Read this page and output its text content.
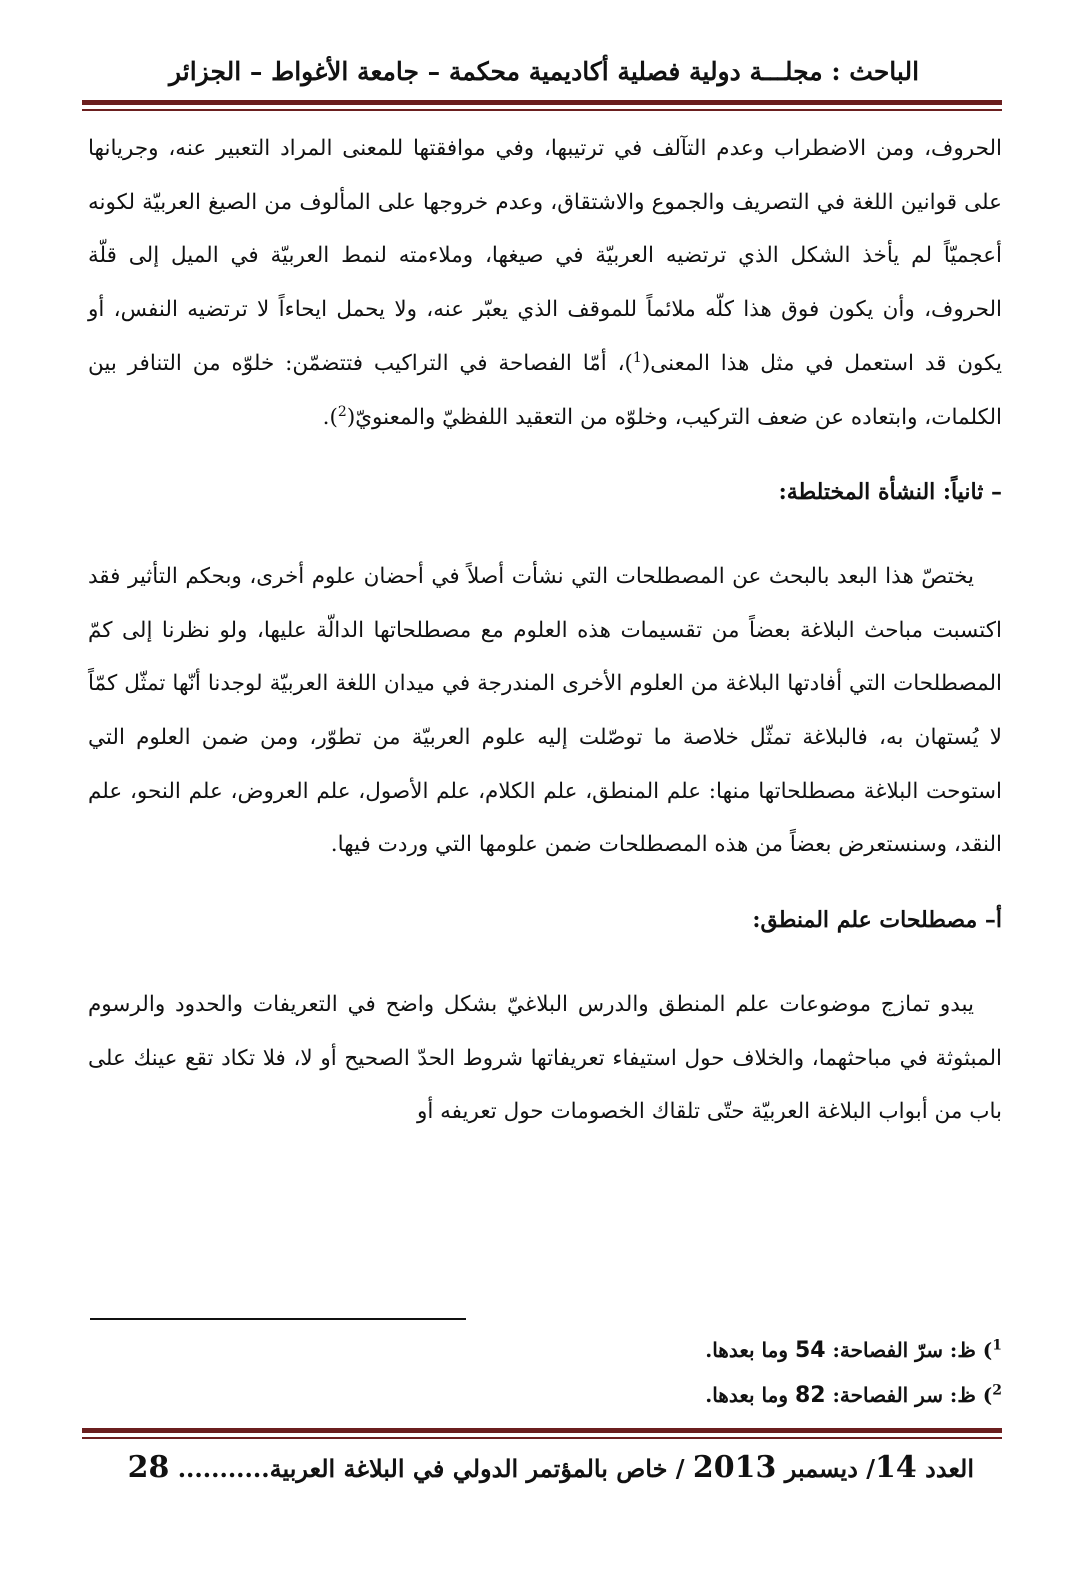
الباحث : مجلـــة دولية فصلية أكاديمية محكمة – جامعة الأغواط – الجزائر

الحروف، ومن الاضطراب وعدم التآلف في ترتيبها، وفي موافقتها للمعنى المراد التعبير عنه، وجريانها على قوانين اللغة في التصريف والجموع والاشتقاق، وعدم خروجها على المألوف من الصيغ العربيّة لكونه أعجميّاً لم يأخذ الشكل الذي ترتضيه العربيّة في صيغها، وملاءمته لنمط العربيّة في الميل إلى قلّة الحروف، وأن يكون فوق هذا كلّه ملائماً للموقف الذي يعبّر عنه، ولا يحمل ايحاءاً لا ترتضيه النفس، أو يكون قد استعمل في مثل هذا المعنى($^1$)، أمّا الفصاحة في التراكيب فتتضمّن: خلوّه من التنافر بين الكلمات، وابتعاده عن ضعف التركيب، وخلوّه من التعقيد اللفظيّ والمعنويّ($^2$).

– ثانياً: النشأة المختلطة:

يختصّ هذا البعد بالبحث عن المصطلحات التي نشأت أصلاً في أحضان علوم أخرى، وبحكم التأثير فقد اكتسبت مباحث البلاغة بعضاً من تقسيمات هذه العلوم مع مصطلحاتها الدالّة عليها، ولو نظرنا إلى كمّ المصطلحات التي أفادتها البلاغة من العلوم الأخرى المندرجة في ميدان اللغة العربيّة لوجدنا أنّها تمثّل كمّاً لا يُستهان به، فالبلاغة تمثّل خلاصة ما توصّلت إليه علوم العربيّة من تطوّر، ومن ضمن العلوم التي استوحت البلاغة مصطلحاتها منها: علم المنطق، علم الكلام، علم الأصول، علم العروض، علم النحو، علم النقد، وسنستعرض بعضاً من هذه المصطلحات ضمن علومها التي وردت فيها.

أ– مصطلحات علم المنطق:

يبدو تمازج موضوعات علم المنطق والدرس البلاغيّ بشكل واضح في التعريفات والحدود والرسوم المبثوثة في مباحثهما، والخلاف حول استيفاء تعريفاتها شروط الحدّ الصحيح أو لا، فلا تكاد تقع عينك على باب من أبواب البلاغة العربيّة حتّى تلقاك الخصومات حول تعريفه أو

$^1$) ظ: سرّ الفصاحة: 54 وما بعدها.

$^2$) ظ: سر الفصاحة: 82 وما بعدها.

العدد 14/ ديسمبر 2013 / خاص بالمؤتمر الدولي في البلاغة العربية........... 28
